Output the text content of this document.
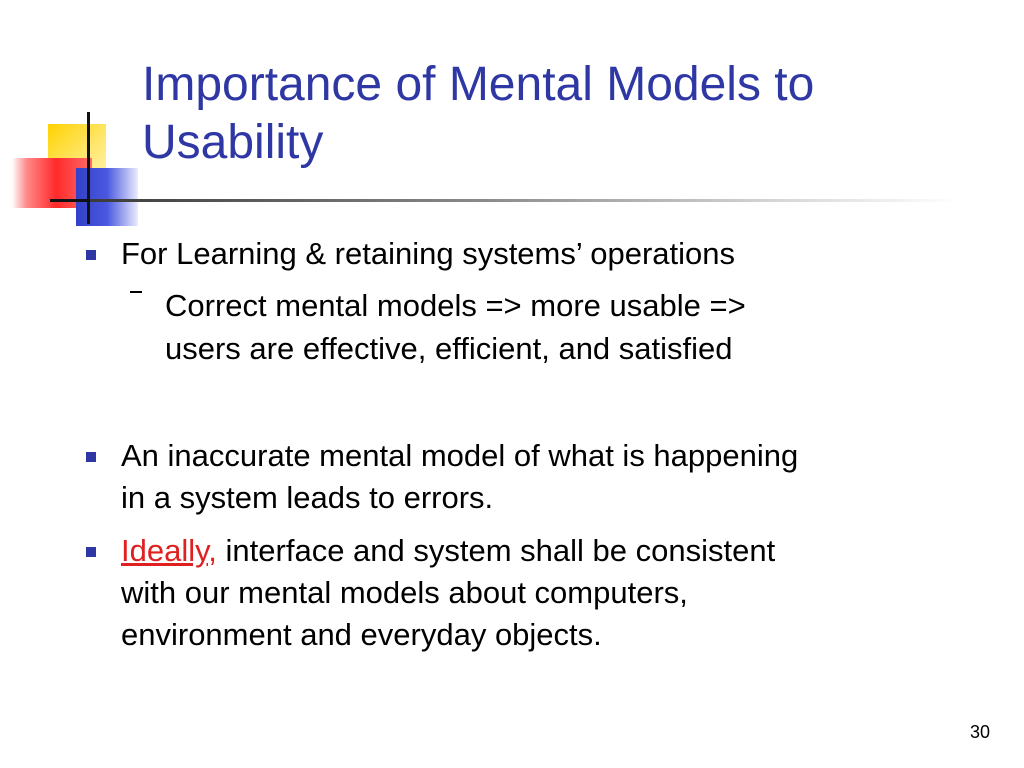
Importance of Mental Models to
Usability
For Learning & retaining systems’ operations
Correct mental models => more usable =>
users are effective, efficient, and satisfied
An inaccurate mental model of what is happening
in a system leads to errors.
Ideally, interface and system shall be consistent
with our mental models about computers,
environment and everyday objects.
30
